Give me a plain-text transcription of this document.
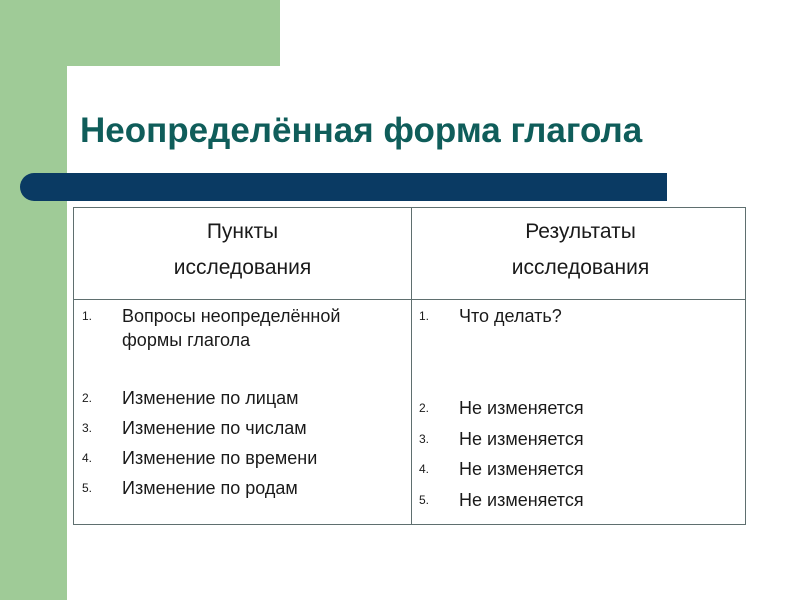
Неопределённая форма глагола
Пункты
исследования
Результаты
исследования
1. Вопросы неопределённой формы глагола
2. Изменение по лицам
3. Изменение по числам
4. Изменение по времени
5. Изменение по родам
1. Что делать?
2. Не изменяется
3. Не изменяется
4. Не изменяется
5. Не изменяется
